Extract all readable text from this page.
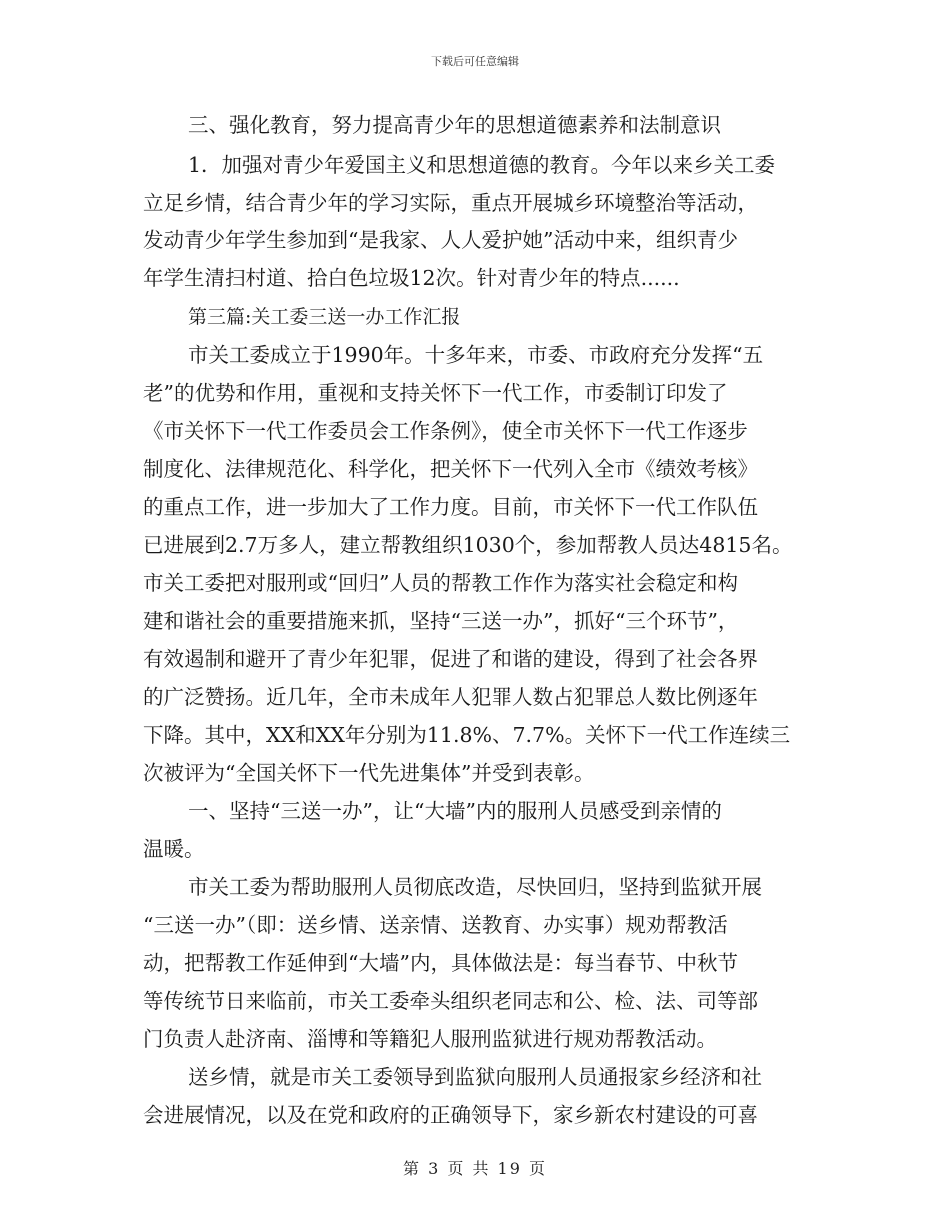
下载后可任意编辑
三、强化教育，努力提高青少年的思想道德素养和法制意识
1．加强对青少年爱国主义和思想道德的教育。今年以来乡关工委
立足乡情，结合青少年的学习实际，重点开展城乡环境整治等活动，
发动青少年学生参加到“是我家、人人爱护她”活动中来，组织青少
年学生清扫村道、拾白色垃圾12次。针对青少年的特点......
第三篇:关工委三送一办工作汇报
市关工委成立于1990年。十多年来，市委、市政府充分发挥“五
老”的优势和作用，重视和支持关怀下一代工作，市委制订印发了
《市关怀下一代工作委员会工作条例》，使全市关怀下一代工作逐步
制度化、法律规范化、科学化，把关怀下一代列入全市《绩效考核》
的重点工作，进一步加大了工作力度。目前，市关怀下一代工作队伍
已进展到2.7万多人，建立帮教组织1030个，参加帮教人员达4815名。
市关工委把对服刑或“回归”人员的帮教工作作为落实社会稳定和构
建和谐社会的重要措施来抓，坚持“三送一办”，抓好“三个环节”，
有效遏制和避开了青少年犯罪，促进了和谐的建设，得到了社会各界
的广泛赞扬。近几年，全市未成年人犯罪人数占犯罪总人数比例逐年
下降。其中，XX和XX年分别为11.8%、7.7%。关怀下一代工作连续三
次被评为“全国关怀下一代先进集体”并受到表彰。
一、坚持“三送一办”，让“大墙”内的服刑人员感受到亲情的
温暖。
市关工委为帮助服刑人员彻底改造，尽快回归，坚持到监狱开展
“三送一办”（即：送乡情、送亲情、送教育、办实事）规劝帮教活
动，把帮教工作延伸到“大墙”内，具体做法是：每当春节、中秋节
等传统节日来临前，市关工委牵头组织老同志和公、检、法、司等部
门负责人赴济南、淄博和等籍犯人服刑监狱进行规劝帮教活动。
送乡情，就是市关工委领导到监狱向服刑人员通报家乡经济和社
会进展情况，以及在党和政府的正确领导下，家乡新农村建设的可喜
第 3 页 共 19 页
